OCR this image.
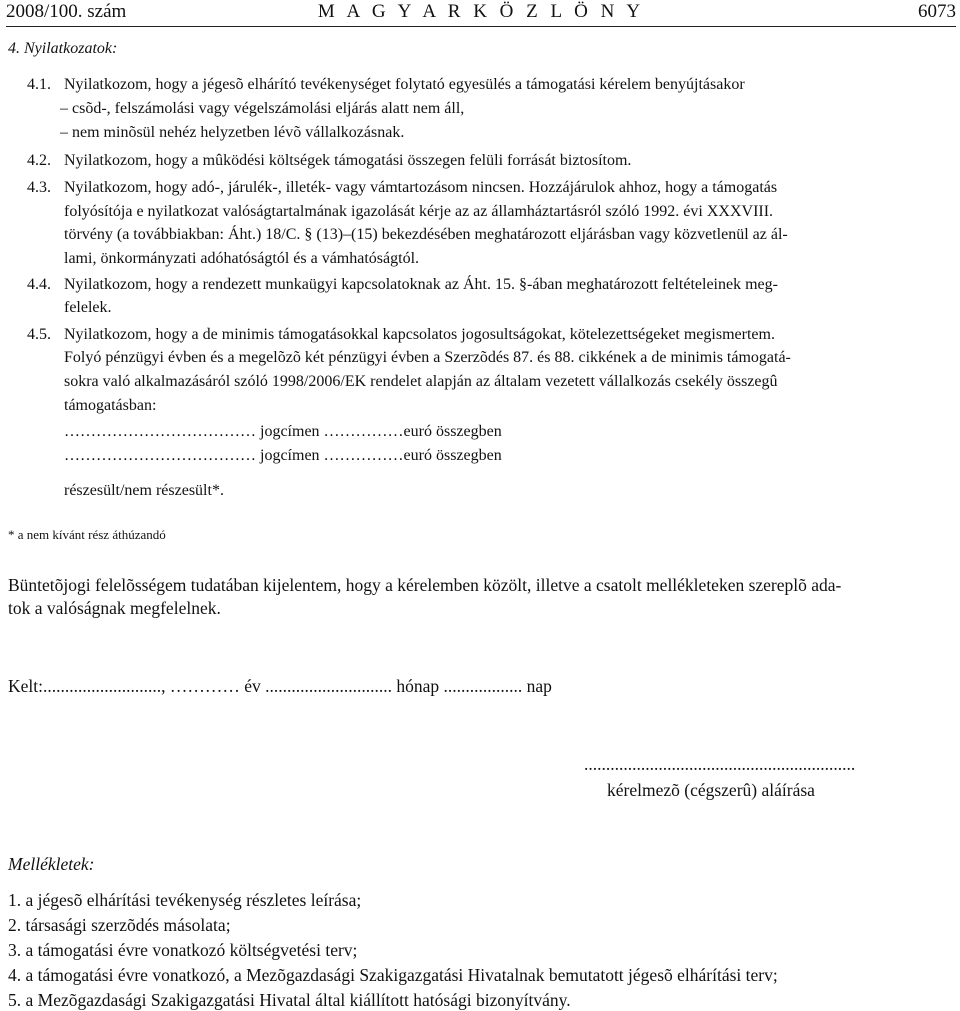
2008/100. szám	M A G Y A R K Ö Z L Ö N Y	6073
4. Nyilatkozatok:
4.1. Nyilatkozom, hogy a jégesõ elhárító tevékenységet folytató egyesülés a támogatási kérelem benyújtásakor
– csõd-, felszámolási vagy végelszámolási eljárás alatt nem áll,
– nem minõsül nehéz helyzetben lévõ vállalkozásnak.
4.2. Nyilatkozom, hogy a mûködési költségek támogatási összegen felüli forrását biztosítom.
4.3. Nyilatkozom, hogy adó-, járulék-, illeték- vagy vámtartozásom nincsen. Hozzájárulok ahhoz, hogy a támogatás
folyósítója e nyilatkozat valóságtartalmának igazolását kérje az az államháztartásról szóló 1992. évi XXXVIII.
törvény (a továbbiakban: Áht.) 18/C. § (13)–(15) bekezdésében meghatározott eljárásban vagy közvetlenül az ál-
lami, önkormányzati adóhatóságtól és a vámhatóságtól.
4.4. Nyilatkozom, hogy a rendezett munkaügyi kapcsolatoknak az Áht. 15. §-ában meghatározott feltételeinek meg-
felelek.
4.5. Nyilatkozom, hogy a de minimis támogatásokkal kapcsolatos jogosultságokat, kötelezettségeket megismertem.
Folyó pénzügyi évben és a megelõzõ két pénzügyi évben a Szerzõdés 87. és 88. cikkének a de minimis támogatá-
sokra való alkalmazásáról szóló 1998/2006/EK rendelet alapján az általam vezetett vállalkozás csekély összegû
támogatásban:
……………………………… jogcímen ……………euró összegben
……………………………… jogcímen ……………euró összegben
részesült/nem részesült*.
* a nem kívánt rész áthúzandó
Büntetõjogi felelõsségem tudatában kijelentem, hogy a kérelemben közölt, illetve a csatolt mellékleteken szereplõ ada-
tok a valóságnak megfelelnek.
Kelt:..........................., ………… év ............................. hónap .................. nap
..............................................................
kérelmezõ (cégszerû) aláírása
Mellékletek:
1. a jégesõ elhárítási tevékenység részletes leírása;
2. társasági szerzõdés másolata;
3. a támogatási évre vonatkozó költségvetési terv;
4. a támogatási évre vonatkozó, a Mezõgazdasági Szakigazgatási Hivatalnak bemutatott jégesõ elhárítási terv;
5. a Mezõgazdasági Szakigazgatási Hivatal által kiállított hatósági bizonyítvány.
